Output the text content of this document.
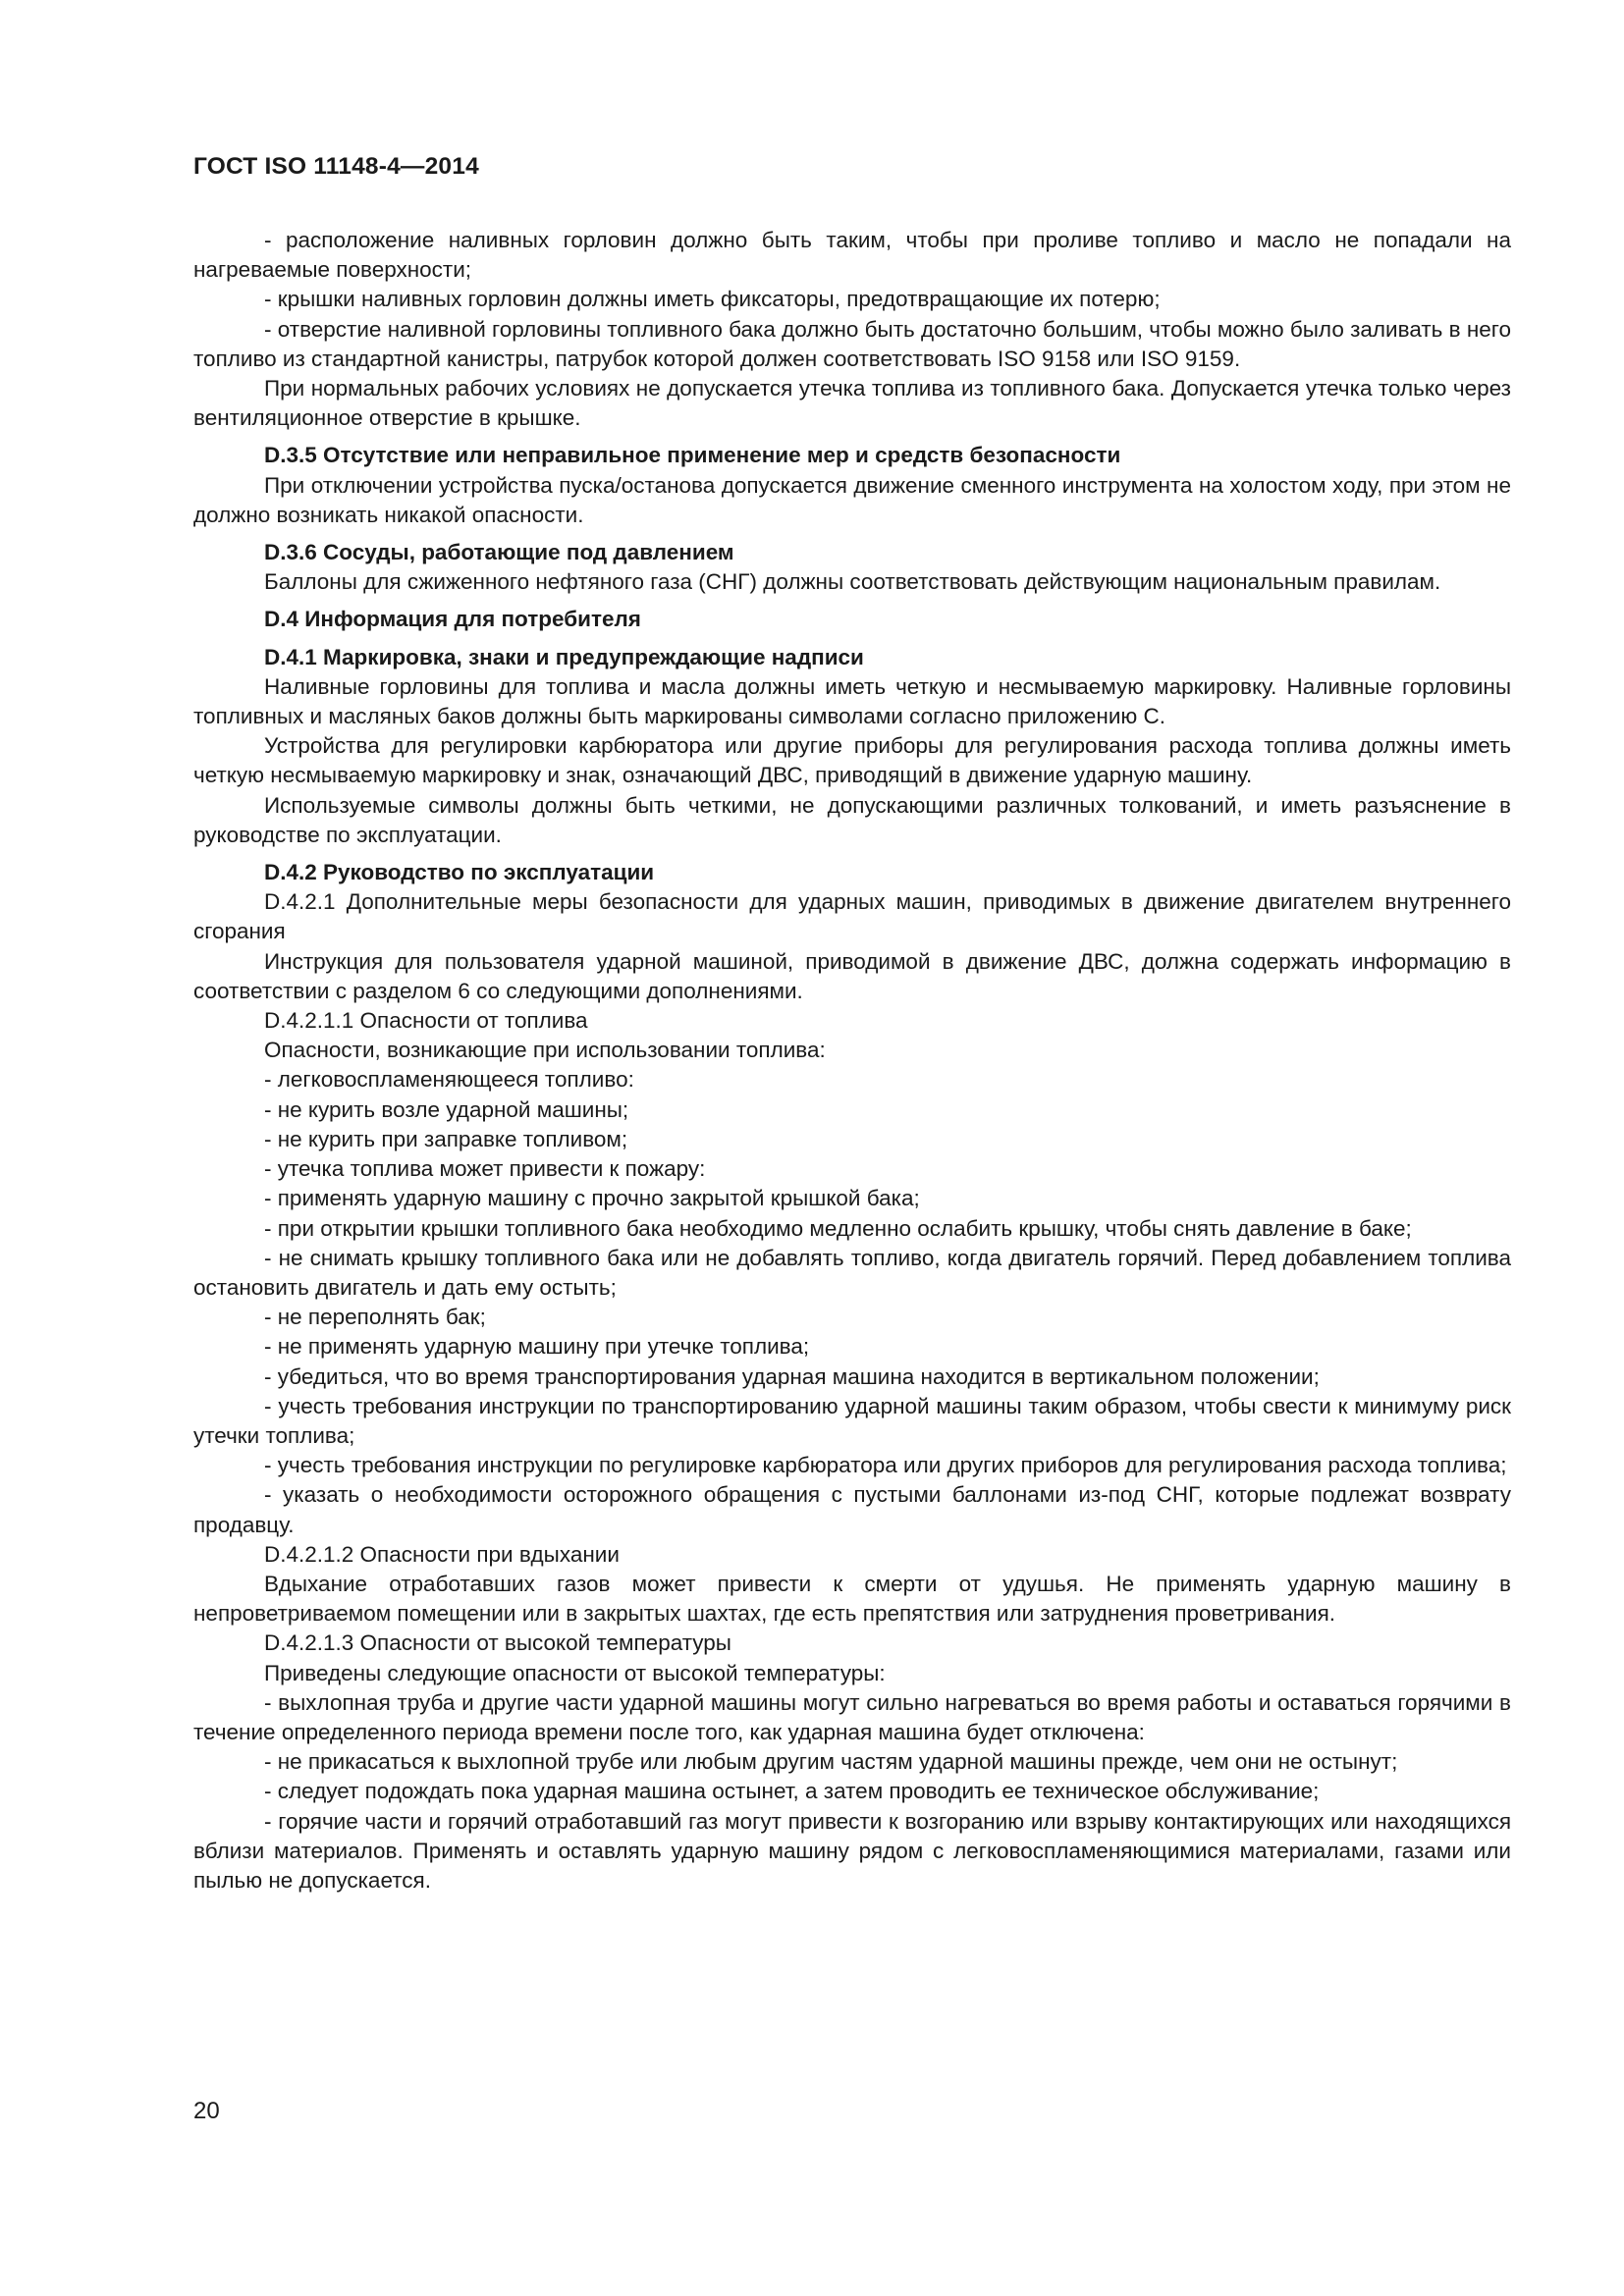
ГОСТ ISO 11148-4—2014

- расположение наливных горловин должно быть таким, чтобы при проливе топливо и масло не попадали на нагреваемые поверхности;

- крышки наливных горловин должны иметь фиксаторы, предотвращающие их потерю;

- отверстие наливной горловины топливного бака должно быть достаточно большим, чтобы можно было заливать в него топливо из стандартной канистры, патрубок которой должен соответствовать ISO 9158 или ISO 9159.

При нормальных рабочих условиях не допускается утечка топлива из топливного бака. Допускается утечка только через вентиляционное отверстие в крышке.

D.3.5 Отсутствие или неправильное применение мер и средств безопасности

При отключении устройства пуска/останова допускается движение сменного инструмента на холостом ходу, при этом не должно возникать никакой опасности.

D.3.6 Сосуды, работающие под давлением

Баллоны для сжиженного нефтяного газа (СНГ) должны соответствовать действующим национальным правилам.

D.4 Информация для потребителя

D.4.1 Маркировка, знаки и предупреждающие надписи

Наливные горловины для топлива и масла должны иметь четкую и несмываемую маркировку. Наливные горловины топливных и масляных баков должны быть маркированы символами согласно приложению С.

Устройства для регулировки карбюратора или другие приборы для регулирования расхода топлива должны иметь четкую несмываемую маркировку и знак, означающий ДВС, приводящий в движение ударную машину.

Используемые символы должны быть четкими, не допускающими различных толкований, и иметь разъяснение в руководстве по эксплуатации.

D.4.2 Руководство по эксплуатации

D.4.2.1 Дополнительные меры безопасности для ударных машин, приводимых в движение двигателем внутреннего сгорания

Инструкция для пользователя ударной машиной, приводимой в движение ДВС, должна содержать информацию в соответствии с разделом 6 со следующими дополнениями.

D.4.2.1.1 Опасности от топлива

Опасности, возникающие при использовании топлива:

- легковоспламеняющееся топливо:

- не курить возле ударной машины;

- не курить при заправке топливом;

- утечка топлива может привести к пожару:

- применять ударную машину с прочно закрытой крышкой бака;

- при открытии крышки топливного бака необходимо медленно ослабить крышку, чтобы снять давление в баке;

- не снимать крышку топливного бака или не добавлять топливо, когда двигатель горячий. Перед добавлением топлива остановить двигатель и дать ему остыть;

- не переполнять бак;

- не применять ударную машину при утечке топлива;

- убедиться, что во время транспортирования ударная машина находится в вертикальном положении;

- учесть требования инструкции по транспортированию ударной машины таким образом, чтобы свести к минимуму риск утечки топлива;

- учесть требования инструкции по регулировке карбюратора или других приборов для регулирования расхода топлива;

- указать о необходимости осторожного обращения с пустыми баллонами из-под СНГ, которые подлежат возврату продавцу.

D.4.2.1.2 Опасности при вдыхании

Вдыхание отработавших газов может привести к смерти от удушья. Не применять ударную машину в непроветриваемом помещении или в закрытых шахтах, где есть препятствия или затруднения проветривания.

D.4.2.1.3 Опасности от высокой температуры

Приведены следующие опасности от высокой температуры:

- выхлопная труба и другие части ударной машины могут сильно нагреваться во время работы и оставаться горячими в течение определенного периода времени после того, как ударная машина будет отключена:

- не прикасаться к выхлопной трубе или любым другим частям ударной машины прежде, чем они не остынут;

- следует подождать пока ударная машина остынет, а затем проводить ее техническое обслуживание;

- горячие части и горячий отработавший газ могут привести к возгоранию или взрыву контактирующих или находящихся вблизи материалов. Применять и оставлять ударную машину рядом с легковоспламеняющимися материалами, газами или пылью не допускается.

20
